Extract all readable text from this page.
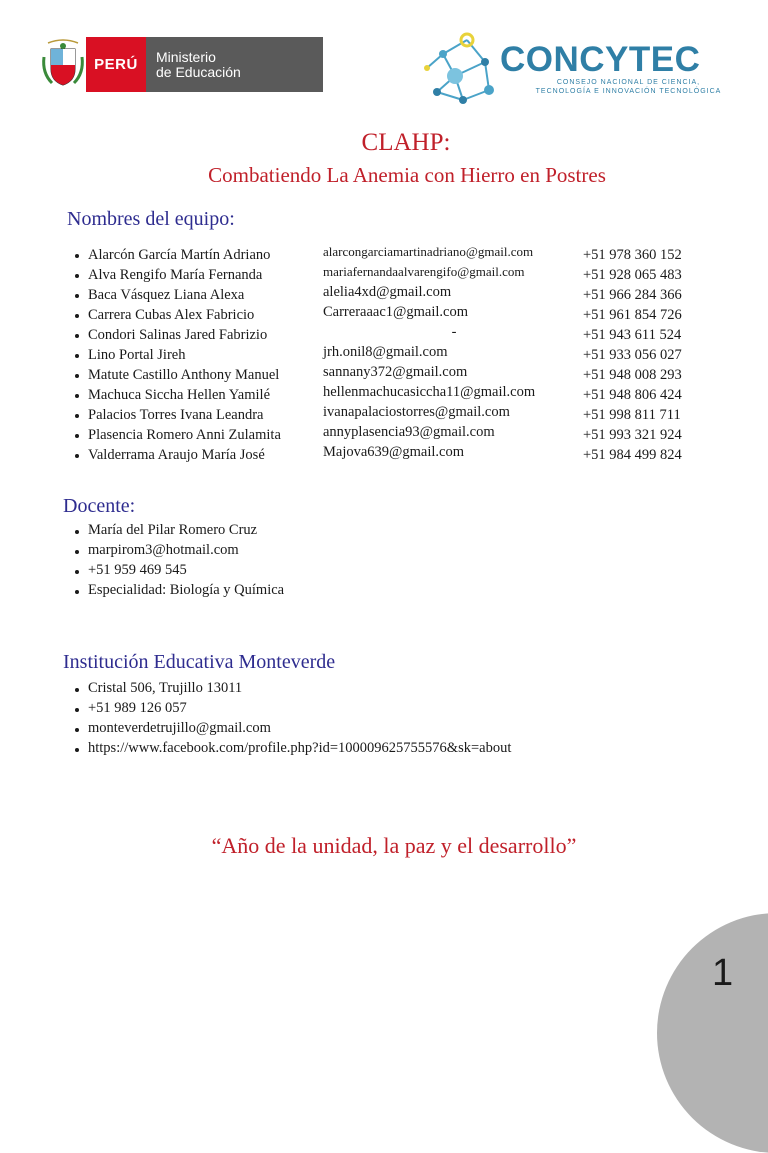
PERÚ	Ministerio
de Educación	CONCYTEC
CONSEJO NACIONAL DE CIENCIA,
TECNOLOGÍA E INNOVACIÓN TECNOLÓGICA
CLAHP:
Combatiendo La Anemia con Hierro en Postres
Nombres del equipo:
Alarcón García Martín Adriano	alarcongarciamartinadriano@gmail.com	+51 978 360 152
Alva Rengifo María Fernanda	mariafernandaalvarengifo@gmail.com	+51 928 065 483
Baca Vásquez Liana Alexa	alelia4xd@gmail.com	+51 966 284 366
Carrera Cubas Alex Fabricio	Carreraaac1@gmail.com	+51 961 854 726
Condori Salinas Jared Fabrizio	-	+51 943 611 524
Lino Portal Jireh	jrh.onil8@gmail.com	+51 933 056 027
Matute Castillo Anthony Manuel	sannany372@gmail.com	+51 948 008 293
Machuca Siccha Hellen Yamilé	hellenmachucasiccha11@gmail.com	+51 948 806 424
Palacios Torres Ivana Leandra	ivanapalaciostorres@gmail.com	+51 998 811 711
Plasencia Romero Anni Zulamita	annyplasencia93@gmail.com	+51 993 321 924
Valderrama Araujo María José	Majova639@gmail.com	+51 984 499 824
Docente:
María del Pilar Romero Cruz
marpirom3@hotmail.com
+51 959 469 545
Especialidad: Biología y Química
Institución Educativa Monteverde
Cristal 506, Trujillo 13011
+51 989 126 057
monteverdetrujillo@gmail.com
https://www.facebook.com/profile.php?id=100009625755576&sk=about
“Año de la unidad, la paz y el desarrollo”
1
